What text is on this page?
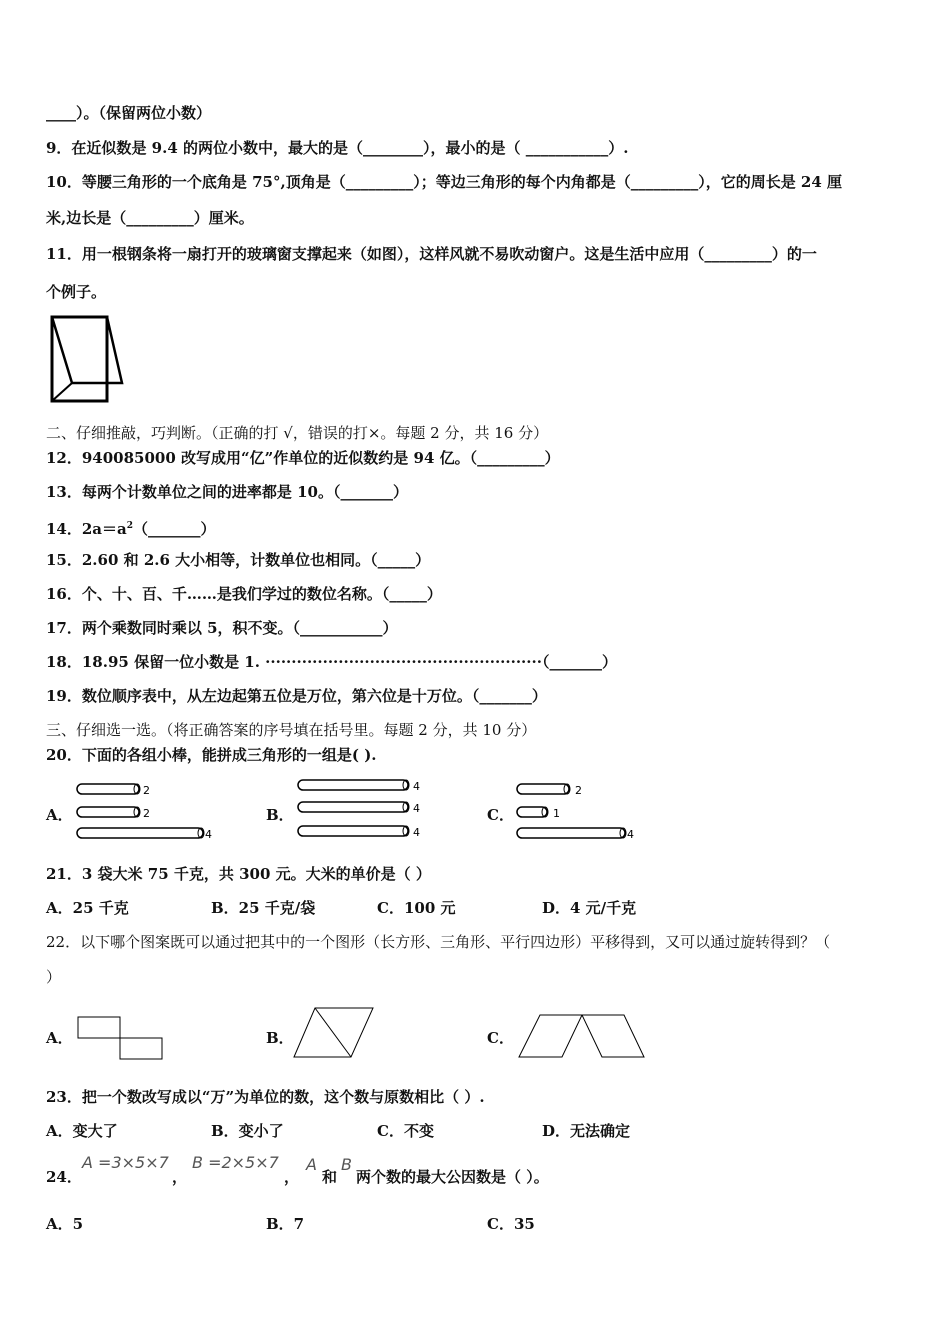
____）。（保留两位小数）
9．在近似数是 9.4 的两位小数中，最大的是（________），最小的是（ ___________）.
10．等腰三角形的一个底角是 75°,顶角是（_________）；等边三角形的每个内角都是（_________），它的周长是 24 厘
米,边长是（_________）厘米。
11．用一根钢条将一扇打开的玻璃窗支撑起来（如图），这样风就不易吹动窗户。这是生活中应用（_________）的一
个例子。
二、仔细推敲，巧判断。（正确的打 √，错误的打×。每题 2 分，共 16 分）
12．940085000 改写成用“亿”作单位的近似数约是 94 亿。（_________）
13．每两个计数单位之间的进率都是 10。（_______）
14．$2a=a^2(\_\_\_\_\_\_\_)$
15．2.60 和 2.6 大小相等，计数单位也相同。（_____）
16．个、十、百、千……是我们学过的数位名称。（_____）
17．两个乘数同时乘以 5，积不变。（___________）
18．18.95 保留一位小数是 1. ·····················································（_______）
19．数位顺序表中，从左边起第五位是万位，第六位是十万位。（_______）
三、仔细选一选。（将正确答案的序号填在括号里。每题 2 分，共 10 分）
20．下面的各组小棒，能拼成三角形的一组是( ).
A．
2
2
4
B．
4
4
4
C．
2
1
4
21．3 袋大米 75 千克，共 300 元。大米的单价是（ ）
A．25 千克	B．25 千克/袋	C．100 元	D．4 元/千克
22．以下哪个图案既可以通过把其中的一个图形（长方形、三角形、平行四边形）平移得到，又可以通过旋转得到？（
）
A．	B．	C．
23．把一个数改写成以“万”为单位的数，这个数与原数相比（ ）.
A．变大了	B．变小了	C．不变	D．无法确定
24．
A =3×5×7
，
B =2×5×7
，
A
和
B
两个数的最大公因数是（ ）。
A．5	B．7	C．35
